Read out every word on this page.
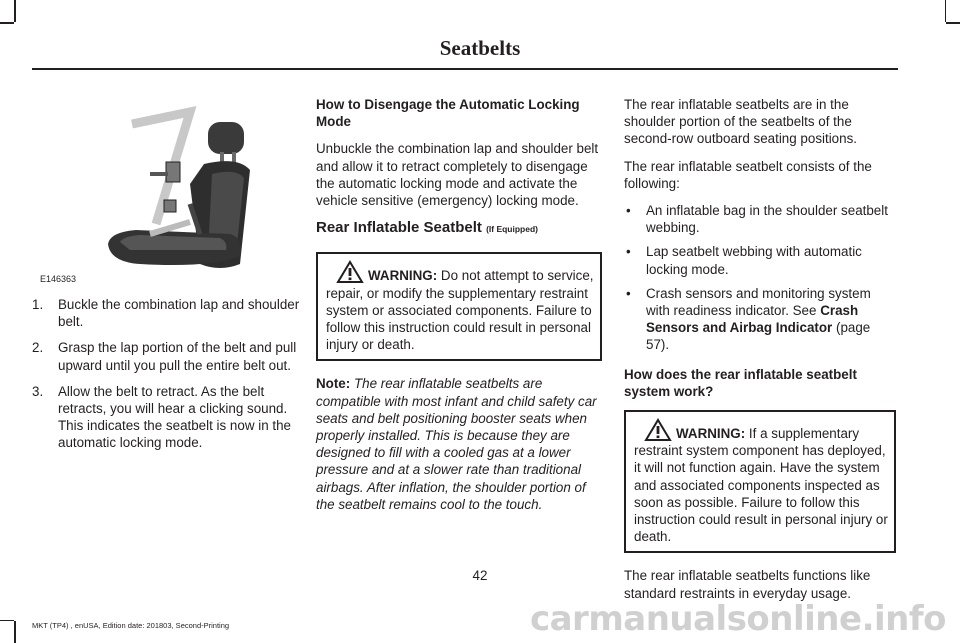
Seatbelts
E146363
1. Buckle the combination lap and shoulder belt.
2. Grasp the lap portion of the belt and pull upward until you pull the entire belt out.
3. Allow the belt to retract. As the belt retracts, you will hear a clicking sound. This indicates the seatbelt is now in the automatic locking mode.

How to Disengage the Automatic Locking Mode

Unbuckle the combination lap and shoulder belt and allow it to retract completely to disengage the automatic locking mode and activate the vehicle sensitive (emergency) locking mode.

Rear Inflatable Seatbelt (If Equipped)
WARNING: Do not attempt to service, repair, or modify the supplementary restraint system or associated components. Failure to follow this instruction could result in personal injury or death.

Note: The rear inflatable seatbelts are compatible with most infant and child safety car seats and belt positioning booster seats when properly installed. This is because they are designed to fill with a cooled gas at a lower pressure and at a slower rate than traditional airbags. After inflation, the shoulder portion of the seatbelt remains cool to the touch.

The rear inflatable seatbelts are in the shoulder portion of the seatbelts of the second-row outboard seating positions.

The rear inflatable seatbelt consists of the following:

• An inflatable bag in the shoulder seatbelt webbing.
• Lap seatbelt webbing with automatic locking mode.
• Crash sensors and monitoring system with readiness indicator. See Crash Sensors and Airbag Indicator (page 57).

How does the rear inflatable seatbelt system work?

WARNING: If a supplementary restraint system component has deployed, it will not function again. Have the system and associated components inspected as soon as possible. Failure to follow this instruction could result in personal injury or death.

The rear inflatable seatbelts functions like standard restraints in everyday usage.

42
MKT (TP4) , enUSA, Edition date: 201803, Second-Printing	carmanualsonline.info
